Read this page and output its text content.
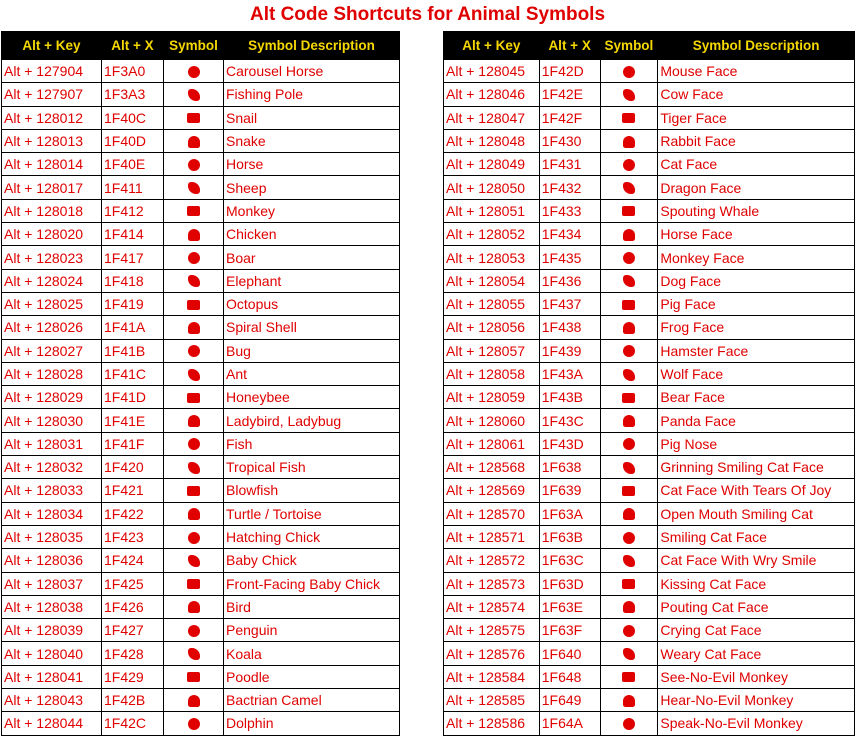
Alt Code Shortcuts for Animal Symbols
Alt + Key	Alt + X	Symbol	Symbol Description
Alt + 127904	1F3A0		Carousel Horse
Alt + 127907	1F3A3		Fishing Pole
Alt + 128012	1F40C		Snail
Alt + 128013	1F40D		Snake
Alt + 128014	1F40E		Horse
Alt + 128017	1F411		Sheep
Alt + 128018	1F412		Monkey
Alt + 128020	1F414		Chicken
Alt + 128023	1F417		Boar
Alt + 128024	1F418		Elephant
Alt + 128025	1F419		Octopus
Alt + 128026	1F41A		Spiral Shell
Alt + 128027	1F41B		Bug
Alt + 128028	1F41C		Ant
Alt + 128029	1F41D		Honeybee
Alt + 128030	1F41E		Ladybird, Ladybug
Alt + 128031	1F41F		Fish
Alt + 128032	1F420		Tropical Fish
Alt + 128033	1F421		Blowfish
Alt + 128034	1F422		Turtle / Tortoise
Alt + 128035	1F423		Hatching Chick
Alt + 128036	1F424		Baby Chick
Alt + 128037	1F425		Front-Facing Baby Chick
Alt + 128038	1F426		Bird
Alt + 128039	1F427		Penguin
Alt + 128040	1F428		Koala
Alt + 128041	1F429		Poodle
Alt + 128043	1F42B		Bactrian Camel
Alt + 128044	1F42C		Dolphin
Alt + Key	Alt + X	Symbol	Symbol Description
Alt + 128045	1F42D		Mouse Face
Alt + 128046	1F42E		Cow Face
Alt + 128047	1F42F		Tiger Face
Alt + 128048	1F430		Rabbit Face
Alt + 128049	1F431		Cat Face
Alt + 128050	1F432		Dragon Face
Alt + 128051	1F433		Spouting Whale
Alt + 128052	1F434		Horse Face
Alt + 128053	1F435		Monkey Face
Alt + 128054	1F436		Dog Face
Alt + 128055	1F437		Pig Face
Alt + 128056	1F438		Frog Face
Alt + 128057	1F439		Hamster Face
Alt + 128058	1F43A		Wolf Face
Alt + 128059	1F43B		Bear Face
Alt + 128060	1F43C		Panda Face
Alt + 128061	1F43D		Pig Nose
Alt + 128568	1F638		Grinning Smiling Cat Face
Alt + 128569	1F639		Cat Face With Tears Of Joy
Alt + 128570	1F63A		Open Mouth Smiling Cat
Alt + 128571	1F63B		Smiling Cat Face
Alt + 128572	1F63C		Cat Face With Wry Smile
Alt + 128573	1F63D		Kissing Cat Face
Alt + 128574	1F63E		Pouting Cat Face
Alt + 128575	1F63F		Crying Cat Face
Alt + 128576	1F640		Weary Cat Face
Alt + 128584	1F648		See-No-Evil Monkey
Alt + 128585	1F649		Hear-No-Evil Monkey
Alt + 128586	1F64A		Speak-No-Evil Monkey
